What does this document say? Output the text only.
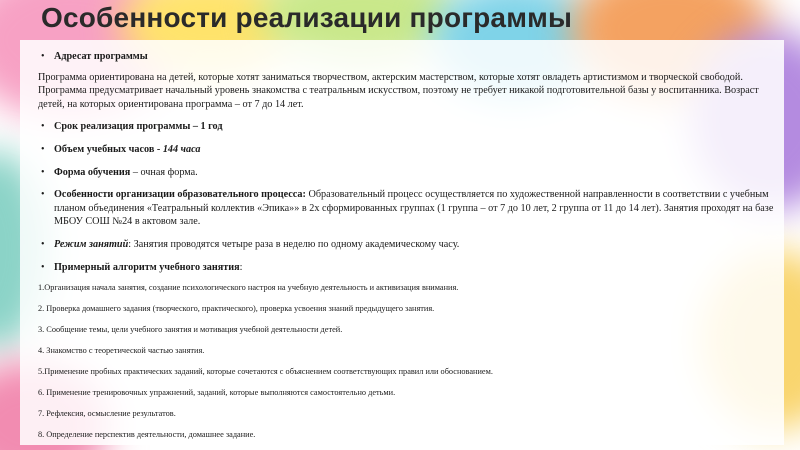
Особенности реализации программы

• Адресат программы

Программа ориентирована на детей, которые хотят заниматься творчеством, актерским мастерством, которые хотят овладеть артистизмом и творческой свободой. Программа предусматривает начальный уровень знакомства с театральным искусством, поэтому не требует никакой подготовительной базы у воспитанника. Возраст детей, на которых ориентирована программа – от 7 до 14 лет.

• Срок реализация программы – 1 год

• Объем учебных часов - 144 часа

• Форма обучения – очная форма.

• Особенности организации образовательного процесса: Образовательный процесс осуществляется по художественной направленности в соответствии с учебным планом объединения «Театральный коллектив «Эпика»» в 2х сформированных группах (1 группа – от 7 до 10 лет, 2 группа от 11 до 14 лет). Занятия проходят на базе МБОУ СОШ №24 в актовом зале.

• Режим занятий: Занятия проводятся четыре раза в неделю по одному академическому часу.

• Примерный алгоритм учебного занятия:

1.Организация начала занятия, создание психологического настроя на учебную деятельность и активизация внимания.

2. Проверка домашнего задания (творческого, практического), проверка усвоения знаний предыдущего занятия.

3. Сообщение темы, цели учебного занятия и мотивация учебной деятельности детей.

4. Знакомство с теоретической частью занятия.

5.Применение пробных практических заданий, которые сочетаются с объяснением соответствующих правил или обоснованием.

6. Применение тренировочных упражнений, заданий, которые выполняются самостоятельно детьми.

7. Рефлексия, осмысление результатов.

8. Определение перспектив деятельности, домашнее задание.
